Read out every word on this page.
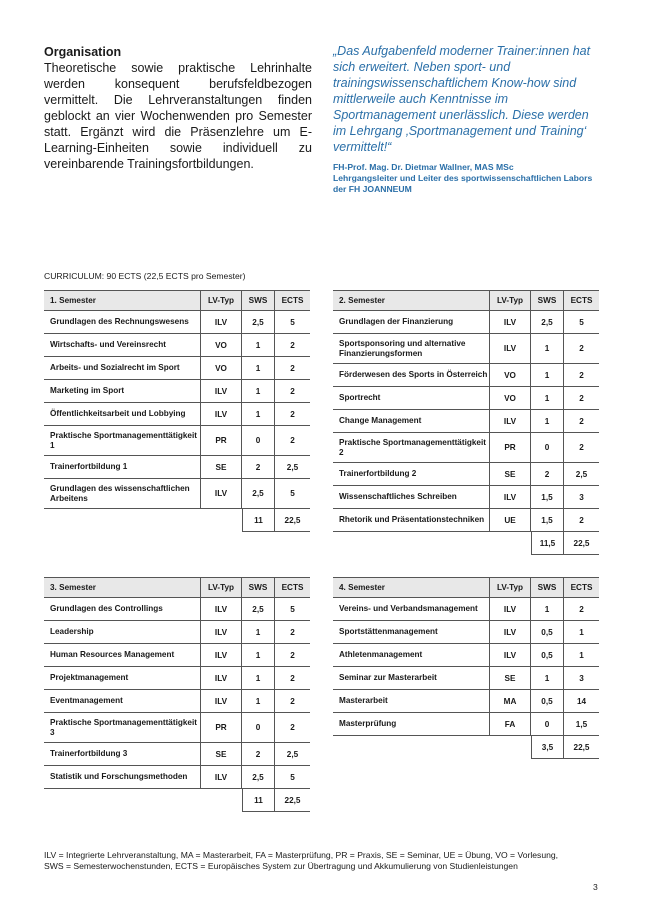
Organisation
Theoretische sowie praktische Lehrinhalte werden konsequent berufsfeldbezogen vermittelt. Die Lehrveranstaltungen finden geblockt an vier Wochenwenden pro Semester statt. Ergänzt wird die Präsenzlehre um E-Learning-Einheiten sowie individuell zu vereinbarende Trainingsfortbildungen.
„Das Aufgabenfeld moderner Trainer:innen hat sich erweitert. Neben sport- und trainingswissenschaftlichem Know-how sind mittlerweile auch Kenntnisse im Sportmanagement unerlässlich. Diese werden im Lehrgang ‚Sportmanagement und Training‘ vermittelt!“
FH-Prof. Mag. Dr. Dietmar Wallner, MAS MSc
Lehrgangsleiter und Leiter des sportwissenschaftlichen Labors der FH JOANNEUM
CURRICULUM: 90 ECTS (22,5 ECTS pro Semester)
1. Semester	LV-Typ	SWS	ECTS
Grundlagen des Rechnungswesens	ILV	2,5	5
Wirtschafts- und Vereinsrecht	VO	1	2
Arbeits- und Sozialrecht im Sport	VO	1	2
Marketing im Sport	ILV	1	2
Öffentlichkeitsarbeit und Lobbying	ILV	1	2
Praktische Sportmanagementtätigkeit 1	PR	0	2
Trainerfortbildung 1	SE	2	2,5
Grundlagen des wissenschaftlichen Arbeitens	ILV	2,5	5
11	22,5
2. Semester	LV-Typ	SWS	ECTS
Grundlagen der Finanzierung	ILV	2,5	5
Sportsponsoring und alternative Finanzierungsformen	ILV	1	2
Förderwesen des Sports in Österreich	VO	1	2
Sportrecht	VO	1	2
Change Management	ILV	1	2
Praktische Sportmanagementtätigkeit 2	PR	0	2
Trainerfortbildung 2	SE	2	2,5
Wissenschaftliches Schreiben	ILV	1,5	3
Rhetorik und Präsentationstechniken	UE	1,5	2
11,5	22,5
3. Semester	LV-Typ	SWS	ECTS
Grundlagen des Controllings	ILV	2,5	5
Leadership	ILV	1	2
Human Resources Management	ILV	1	2
Projektmanagement	ILV	1	2
Eventmanagement	ILV	1	2
Praktische Sportmanagementtätigkeit 3	PR	0	2
Trainerfortbildung 3	SE	2	2,5
Statistik und Forschungsmethoden	ILV	2,5	5
11	22,5
4. Semester	LV-Typ	SWS	ECTS
Vereins- und Verbandsmanagement	ILV	1	2
Sportstättenmanagement	ILV	0,5	1
Athletenmanagement	ILV	0,5	1
Seminar zur Masterarbeit	SE	1	3
Masterarbeit	MA	0,5	14
Masterprüfung	FA	0	1,5
3,5	22,5
ILV = Integrierte Lehrveranstaltung, MA = Masterarbeit, FA = Masterprüfung, PR = Praxis, SE = Seminar, UE = Übung, VO = Vorlesung,
SWS = Semesterwochenstunden, ECTS = Europäisches System zur Übertragung und Akkumulierung von Studienleistungen
3
